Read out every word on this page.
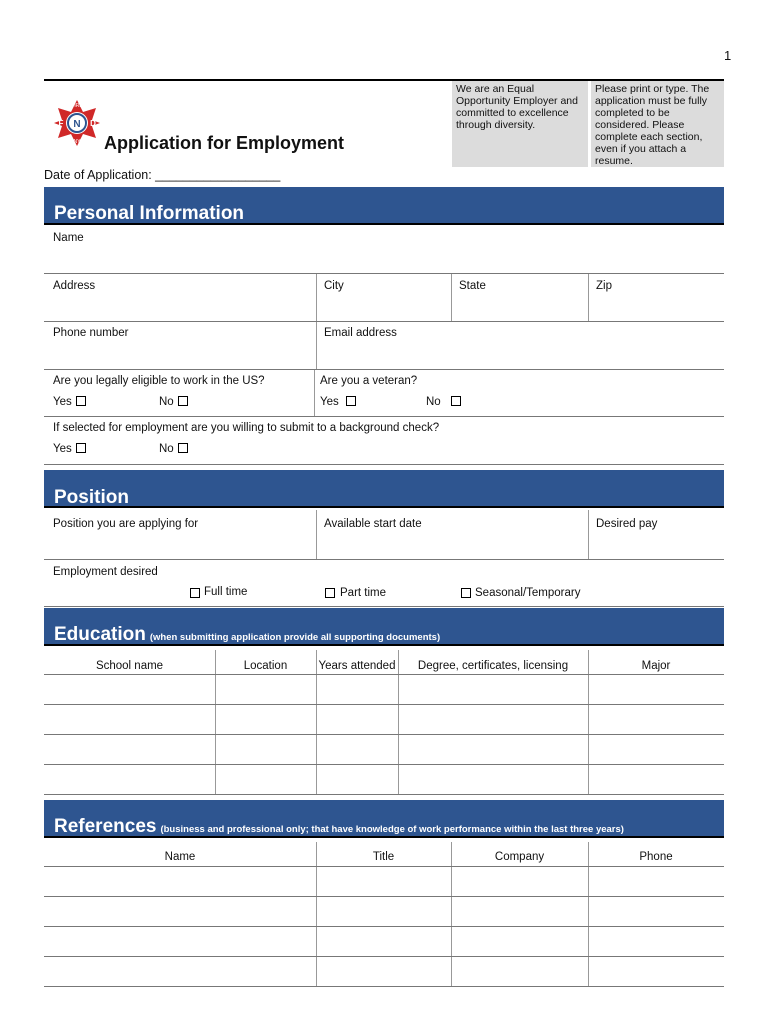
1
We are an Equal Opportunity Employer and committed to excellence through diversity.
Please print or type. The application must be fully completed to be considered. Please complete each section, even if you attach a resume.
FIRE
F	D
N
NY Application for Employment
Date of Application: __________________
Personal Information
Name
Address	City	State	Zip
Phone number	Email address
Are you legally eligible to work in the US?	Are you a veteran?
Yes	No	Yes	No
If selected for employment are you willing to submit to a background check?
Yes	No
Position
Position you are applying for	Available start date	Desired pay
Employment desired
Full time	Part time	Seasonal/Temporary
Education (when submitting application provide all supporting documents)
School name	Location	Years attended	Degree, certificates, licensing	Major
References (business and professional only; that have knowledge of work performance within the last three years)
Name	Title	Company	Phone
